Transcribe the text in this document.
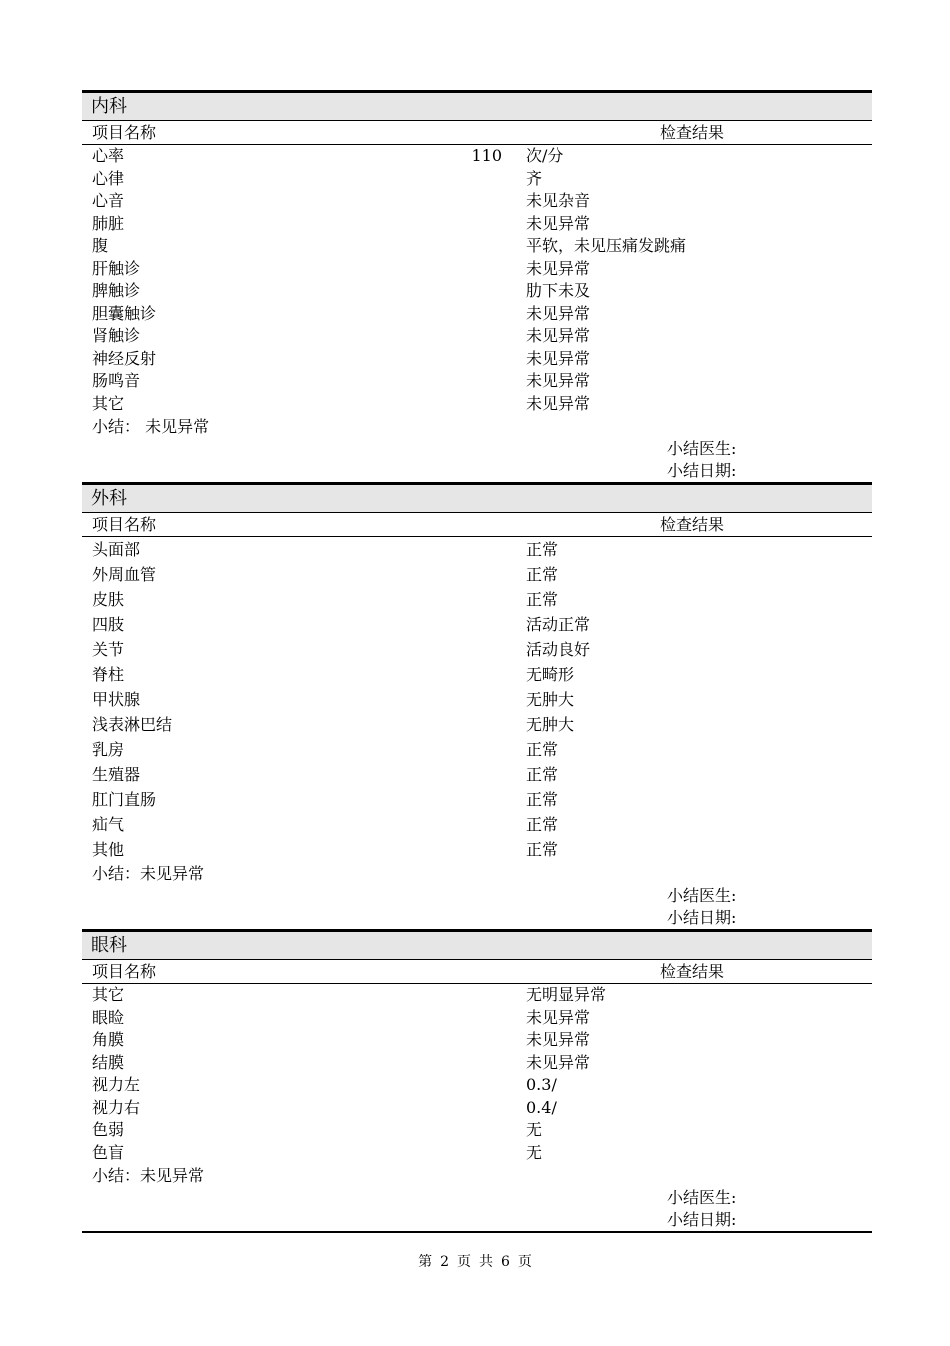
内科
项目名称	检查结果
心率	110 次/分
心律	齐
心音	未见杂音
肺脏	未见异常
腹	平软，未见压痛发跳痛
肝触诊	未见异常
脾触诊	肋下未及
胆囊触诊	未见异常
肾触诊	未见异常
神经反射	未见异常
肠鸣音	未见异常
其它	未见异常
小结： 未见异常
小结医生:
小结日期:
外科
项目名称	检查结果
头面部	正常
外周血管	正常
皮肤	正常
四肢	活动正常
关节	活动良好
脊柱	无畸形
甲状腺	无肿大
浅表淋巴结	无肿大
乳房	正常
生殖器	正常
肛门直肠	正常
疝气	正常
其他	正常
小结：未见异常
小结医生:
小结日期:
眼科
项目名称	检查结果
其它	无明显异常
眼睑	未见异常
角膜	未见异常
结膜	未见异常
视力左	0.3/
视力右	0.4/
色弱	无
色盲	无
小结：未见异常
小结医生:
小结日期:
第 2 页 共 6 页
